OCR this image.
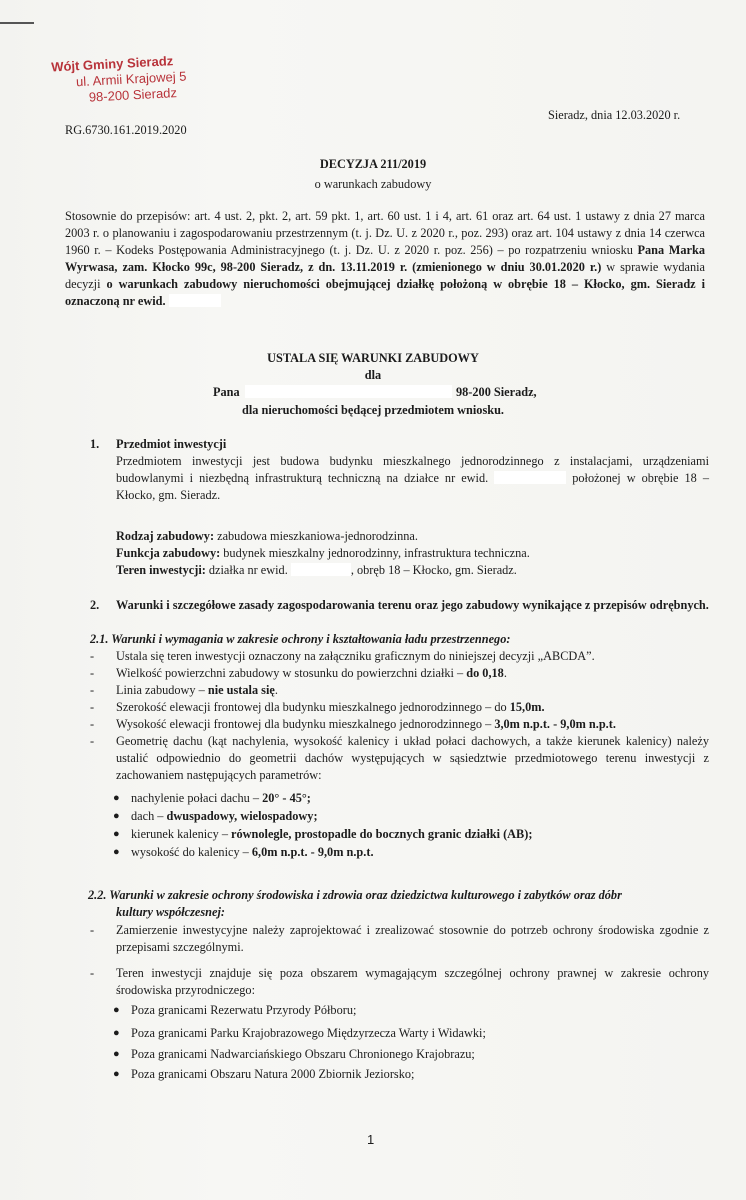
Wójt Gminy Sieradz
ul. Armii Krajowej 5
98-200 Sieradz
Sieradz, dnia 12.03.2020 r.
RG.6730.161.2019.2020
DECYZJA 211/2019
o warunkach zabudowy
Stosownie do przepisów: art. 4 ust. 2, pkt. 2, art. 59 pkt. 1, art. 60 ust. 1 i 4, art. 61 oraz art. 64 ust. 1 ustawy z dnia 27 marca 2003 r. o planowaniu i zagospodarowaniu przestrzennym (t. j. Dz. U. z 2020 r., poz. 293) oraz art. 104 ustawy z dnia 14 czerwca 1960 r. – Kodeks Postępowania Administracyjnego (t. j. Dz. U. z 2020 r. poz. 256) – po rozpatrzeniu wniosku Pana Marka Wyrwasa, zam. Kłocko 99c, 98-200 Sieradz, z dn. 13.11.2019 r. (zmienionego w dniu 30.01.2020 r.) w sprawie wydania decyzji o warunkach zabudowy nieruchomości obejmującej działkę położoną w obrębie 18 – Kłocko, gm. Sieradz i oznaczoną nr ewid.
USTALA SIĘ WARUNKI ZABUDOWY
dla
Pana	98-200 Sieradz,
dla nieruchomości będącej przedmiotem wniosku.
1. Przedmiot inwestycji
Przedmiotem inwestycji jest budowa budynku mieszkalnego jednorodzinnego z instalacjami, urządzeniami budowlanymi i niezbędną infrastrukturą techniczną na działce nr ewid.	położonej w obrębie 18 – Kłocko, gm. Sieradz.
Rodzaj zabudowy: zabudowa mieszkaniowa-jednorodzinna.
Funkcja zabudowy: budynek mieszkalny jednorodzinny, infrastruktura techniczna.
Teren inwestycji: działka nr ewid.	, obręb 18 – Kłocko, gm. Sieradz.
2. Warunki i szczegółowe zasady zagospodarowania terenu oraz jego zabudowy wynikające z przepisów odrębnych.
2.1. Warunki i wymagania w zakresie ochrony i kształtowania ładu przestrzennego:
- Ustala się teren inwestycji oznaczony na załączniku graficznym do niniejszej decyzji „ABCDA”.
- Wielkość powierzchni zabudowy w stosunku do powierzchni działki – do 0,18.
- Linia zabudowy – nie ustala się.
- Szerokość elewacji frontowej dla budynku mieszkalnego jednorodzinnego – do 15,0m.
- Wysokość elewacji frontowej dla budynku mieszkalnego jednorodzinnego – 3,0m n.p.t. - 9,0m n.p.t.
- Geometrię dachu (kąt nachylenia, wysokość kalenicy i układ połaci dachowych, a także kierunek kalenicy) należy ustalić odpowiednio do geometrii dachów występujących w sąsiedztwie przedmiotowego terenu inwestycji z zachowaniem następujących parametrów:
● nachylenie połaci dachu – 20° - 45°;
● dach – dwuspadowy, wielospadowy;
● kierunek kalenicy – równolegle, prostopadle do bocznych granic działki (AB);
● wysokość do kalenicy – 6,0m n.p.t. - 9,0m n.p.t.
2.2. Warunki w zakresie ochrony środowiska i zdrowia oraz dziedzictwa kulturowego i zabytków oraz dóbr
kultury współczesnej:
- Zamierzenie inwestycyjne należy zaprojektować i zrealizować stosownie do potrzeb ochrony środowiska zgodnie z przepisami szczególnymi.
- Teren inwestycji znajduje się poza obszarem wymagającym szczególnej ochrony prawnej w zakresie ochrony środowiska przyrodniczego:
● Poza granicami Rezerwatu Przyrody Półboru;
● Poza granicami Parku Krajobrazowego Międzyrzecza Warty i Widawki;
● Poza granicami Nadwarciańskiego Obszaru Chronionego Krajobrazu;
● Poza granicami Obszaru Natura 2000 Zbiornik Jeziorsko;
1
